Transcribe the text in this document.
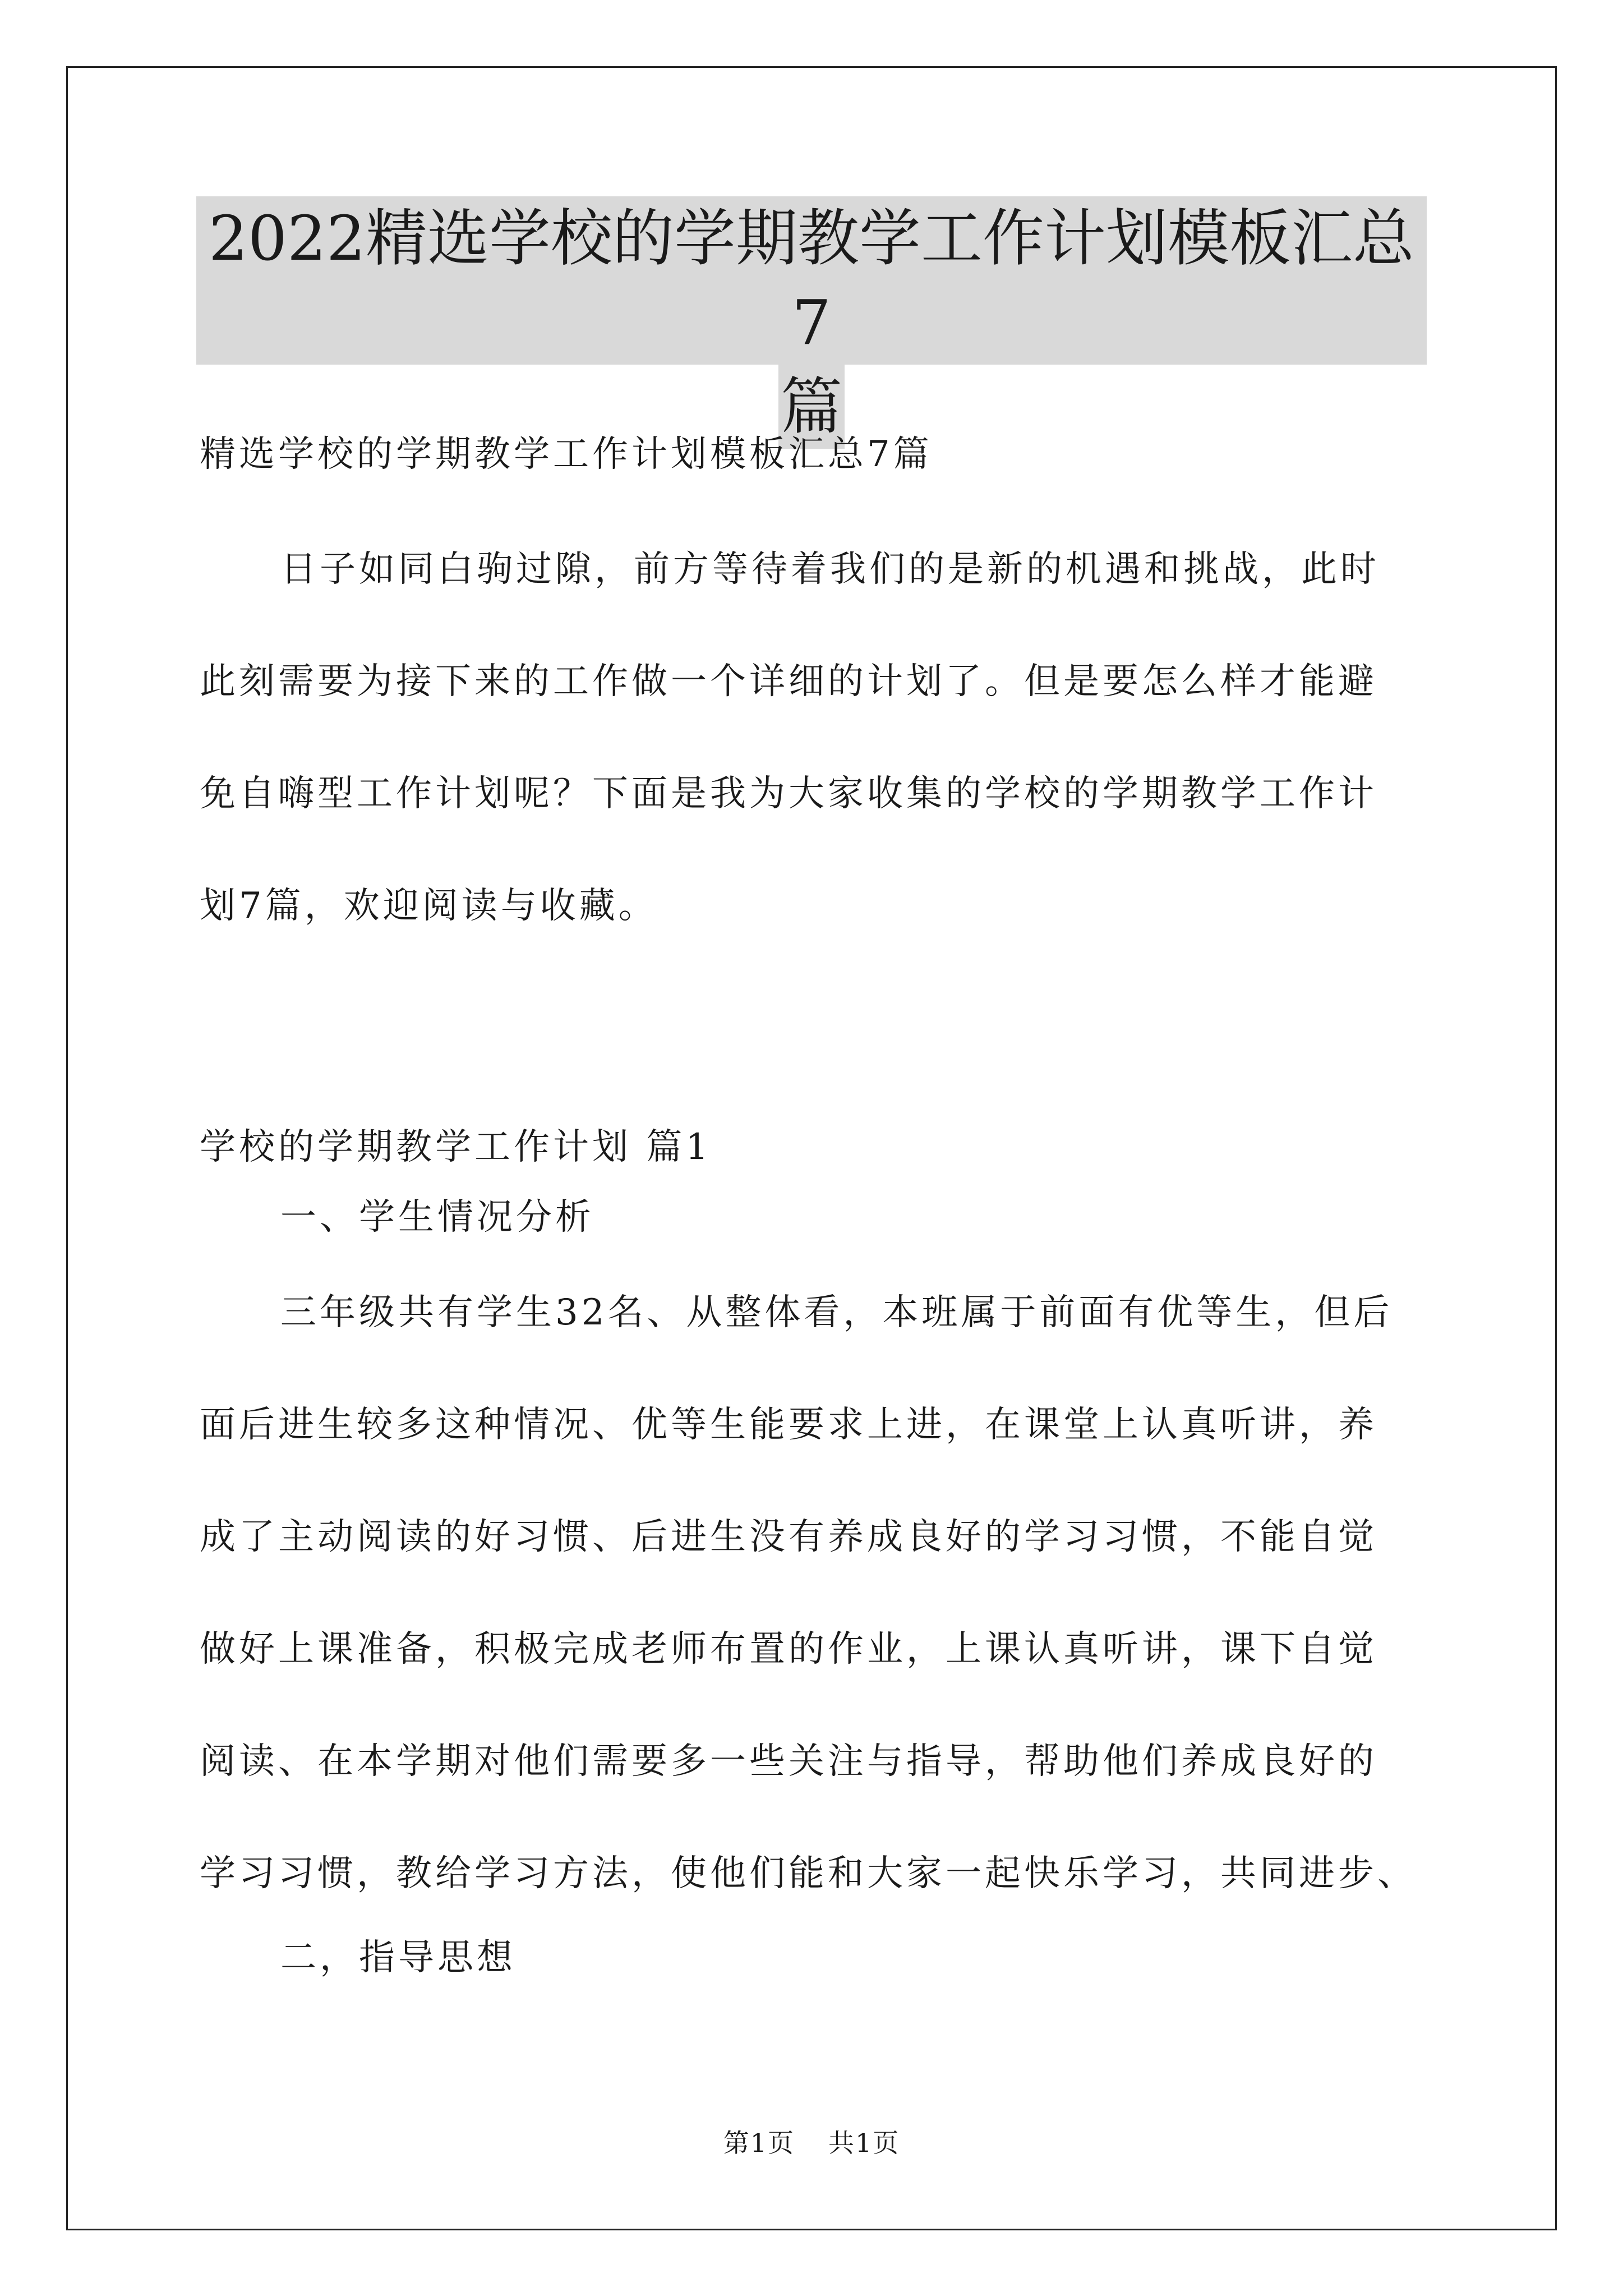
2022精选学校的学期教学工作计划模板汇总7
篇
精选学校的学期教学工作计划模板汇总7篇
日子如同白驹过隙，前方等待着我们的是新的机遇和挑战，此时
此刻需要为接下来的工作做一个详细的计划了。但是要怎么样才能避
免自嗨型工作计划呢？下面是我为大家收集的学校的学期教学工作计
划7篇，欢迎阅读与收藏。
学校的学期教学工作计划 篇1
一、学生情况分析
三年级共有学生32名、从整体看，本班属于前面有优等生，但后
面后进生较多这种情况、优等生能要求上进，在课堂上认真听讲，养
成了主动阅读的好习惯、后进生没有养成良好的学习习惯，不能自觉
做好上课准备，积极完成老师布置的作业，上课认真听讲，课下自觉
阅读、在本学期对他们需要多一些关注与指导，帮助他们养成良好的
学习习惯，教给学习方法，使他们能和大家一起快乐学习，共同进步、
二，指导思想
第1页 共1页
